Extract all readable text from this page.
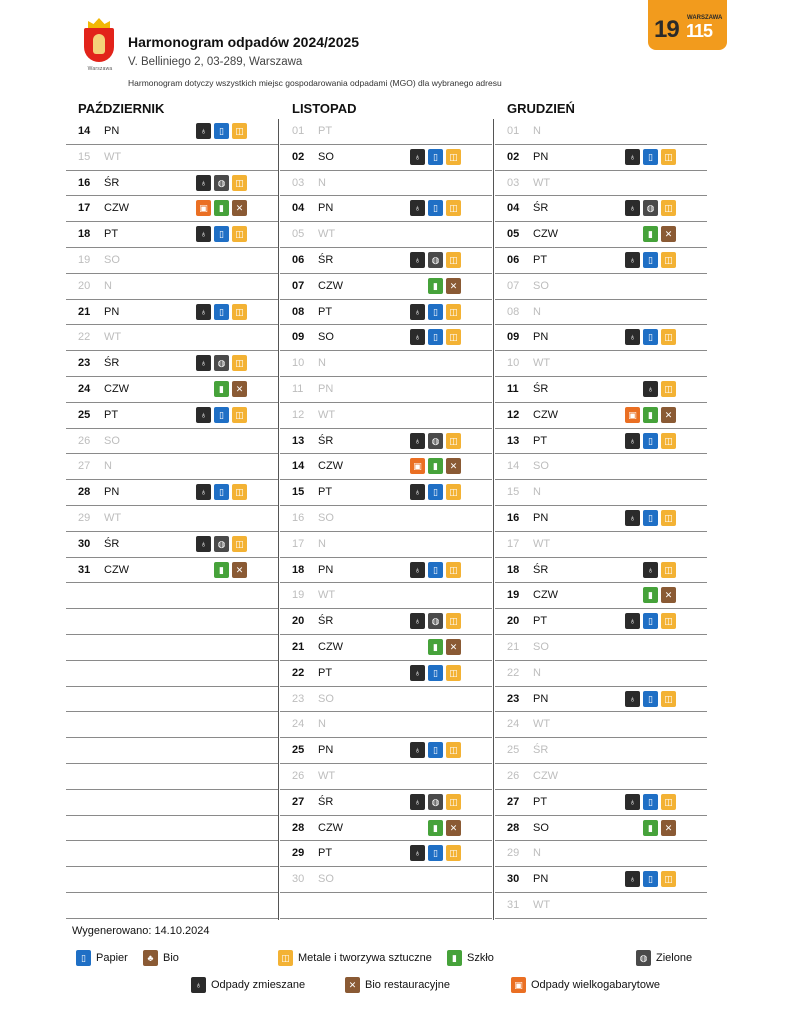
Warszawa
Harmonogram odpadów 2024/2025
V. Belliniego 2, 03-289, Warszawa
Harmonogram dotyczy wszystkich miejsc gospodarowania odpadami (MGO) dla wybranego adresu
19 WARSZAWA
115
PAŹDZIERNIK	LISTOPAD	GRUDZIEŃ
14 PN	♁	▯	◫
15 WT
16 ŚR	♁	◍	◫
17 CZW	▣	▮	✕
18 PT	♁	▯	◫
19 SO
20 N
21 PN	♁	▯	◫
22 WT
23 ŚR	♁	◍	◫
24 CZW	▮	✕
25 PT	♁	▯	◫
26 SO
27 N
28 PN	♁	▯	◫
29 WT
30 ŚR	♁	◍	◫
31 CZW	▮	✕
01 PT
02 SO	♁	▯	◫
03 N
04 PN	♁	▯	◫
05 WT
06 ŚR	♁	◍	◫
07 CZW	▮	✕
08 PT	♁	▯	◫
09 SO	♁	▯	◫
10 N
11 PN
12 WT
13 ŚR	♁	◍	◫
14 CZW	▣	▮	✕
15 PT	♁	▯	◫
16 SO
17 N
18 PN	♁	▯	◫
19 WT
20 ŚR	♁	◍	◫
21 CZW	▮	✕
22 PT	♁	▯	◫
23 SO
24 N
25 PN	♁	▯	◫
26 WT
27 ŚR	♁	◍	◫
28 CZW	▮	✕
29 PT	♁	▯	◫
30 SO
01 N
02 PN	♁	▯	◫
03 WT
04 ŚR	♁	◍	◫
05 CZW	▮	✕
06 PT	♁	▯	◫
07 SO
08 N
09 PN	♁	▯	◫
10 WT
11 ŚR	♁	◫
12 CZW	▣	▮	✕
13 PT	♁	▯	◫
14 SO
15 N
16 PN	♁	▯	◫
17 WT
18 ŚR	♁	◫
19 CZW	▮	✕
20 PT	♁	▯	◫
21 SO
22 N
23 PN	♁	▯	◫
24 WT
25 ŚR
26 CZW
27 PT	♁	▯	◫
28 SO	▮	✕
29 N
30 PN	♁	▯	◫
31 WT
Wygenerowano: 14.10.2024
▯ Papier	♣ Bio	◫ Metale i tworzywa sztuczne	▮ Szkło	◍ Zielone
♁ Odpady zmieszane	✕ Bio restauracyjne	▣ Odpady wielkogabarytowe
